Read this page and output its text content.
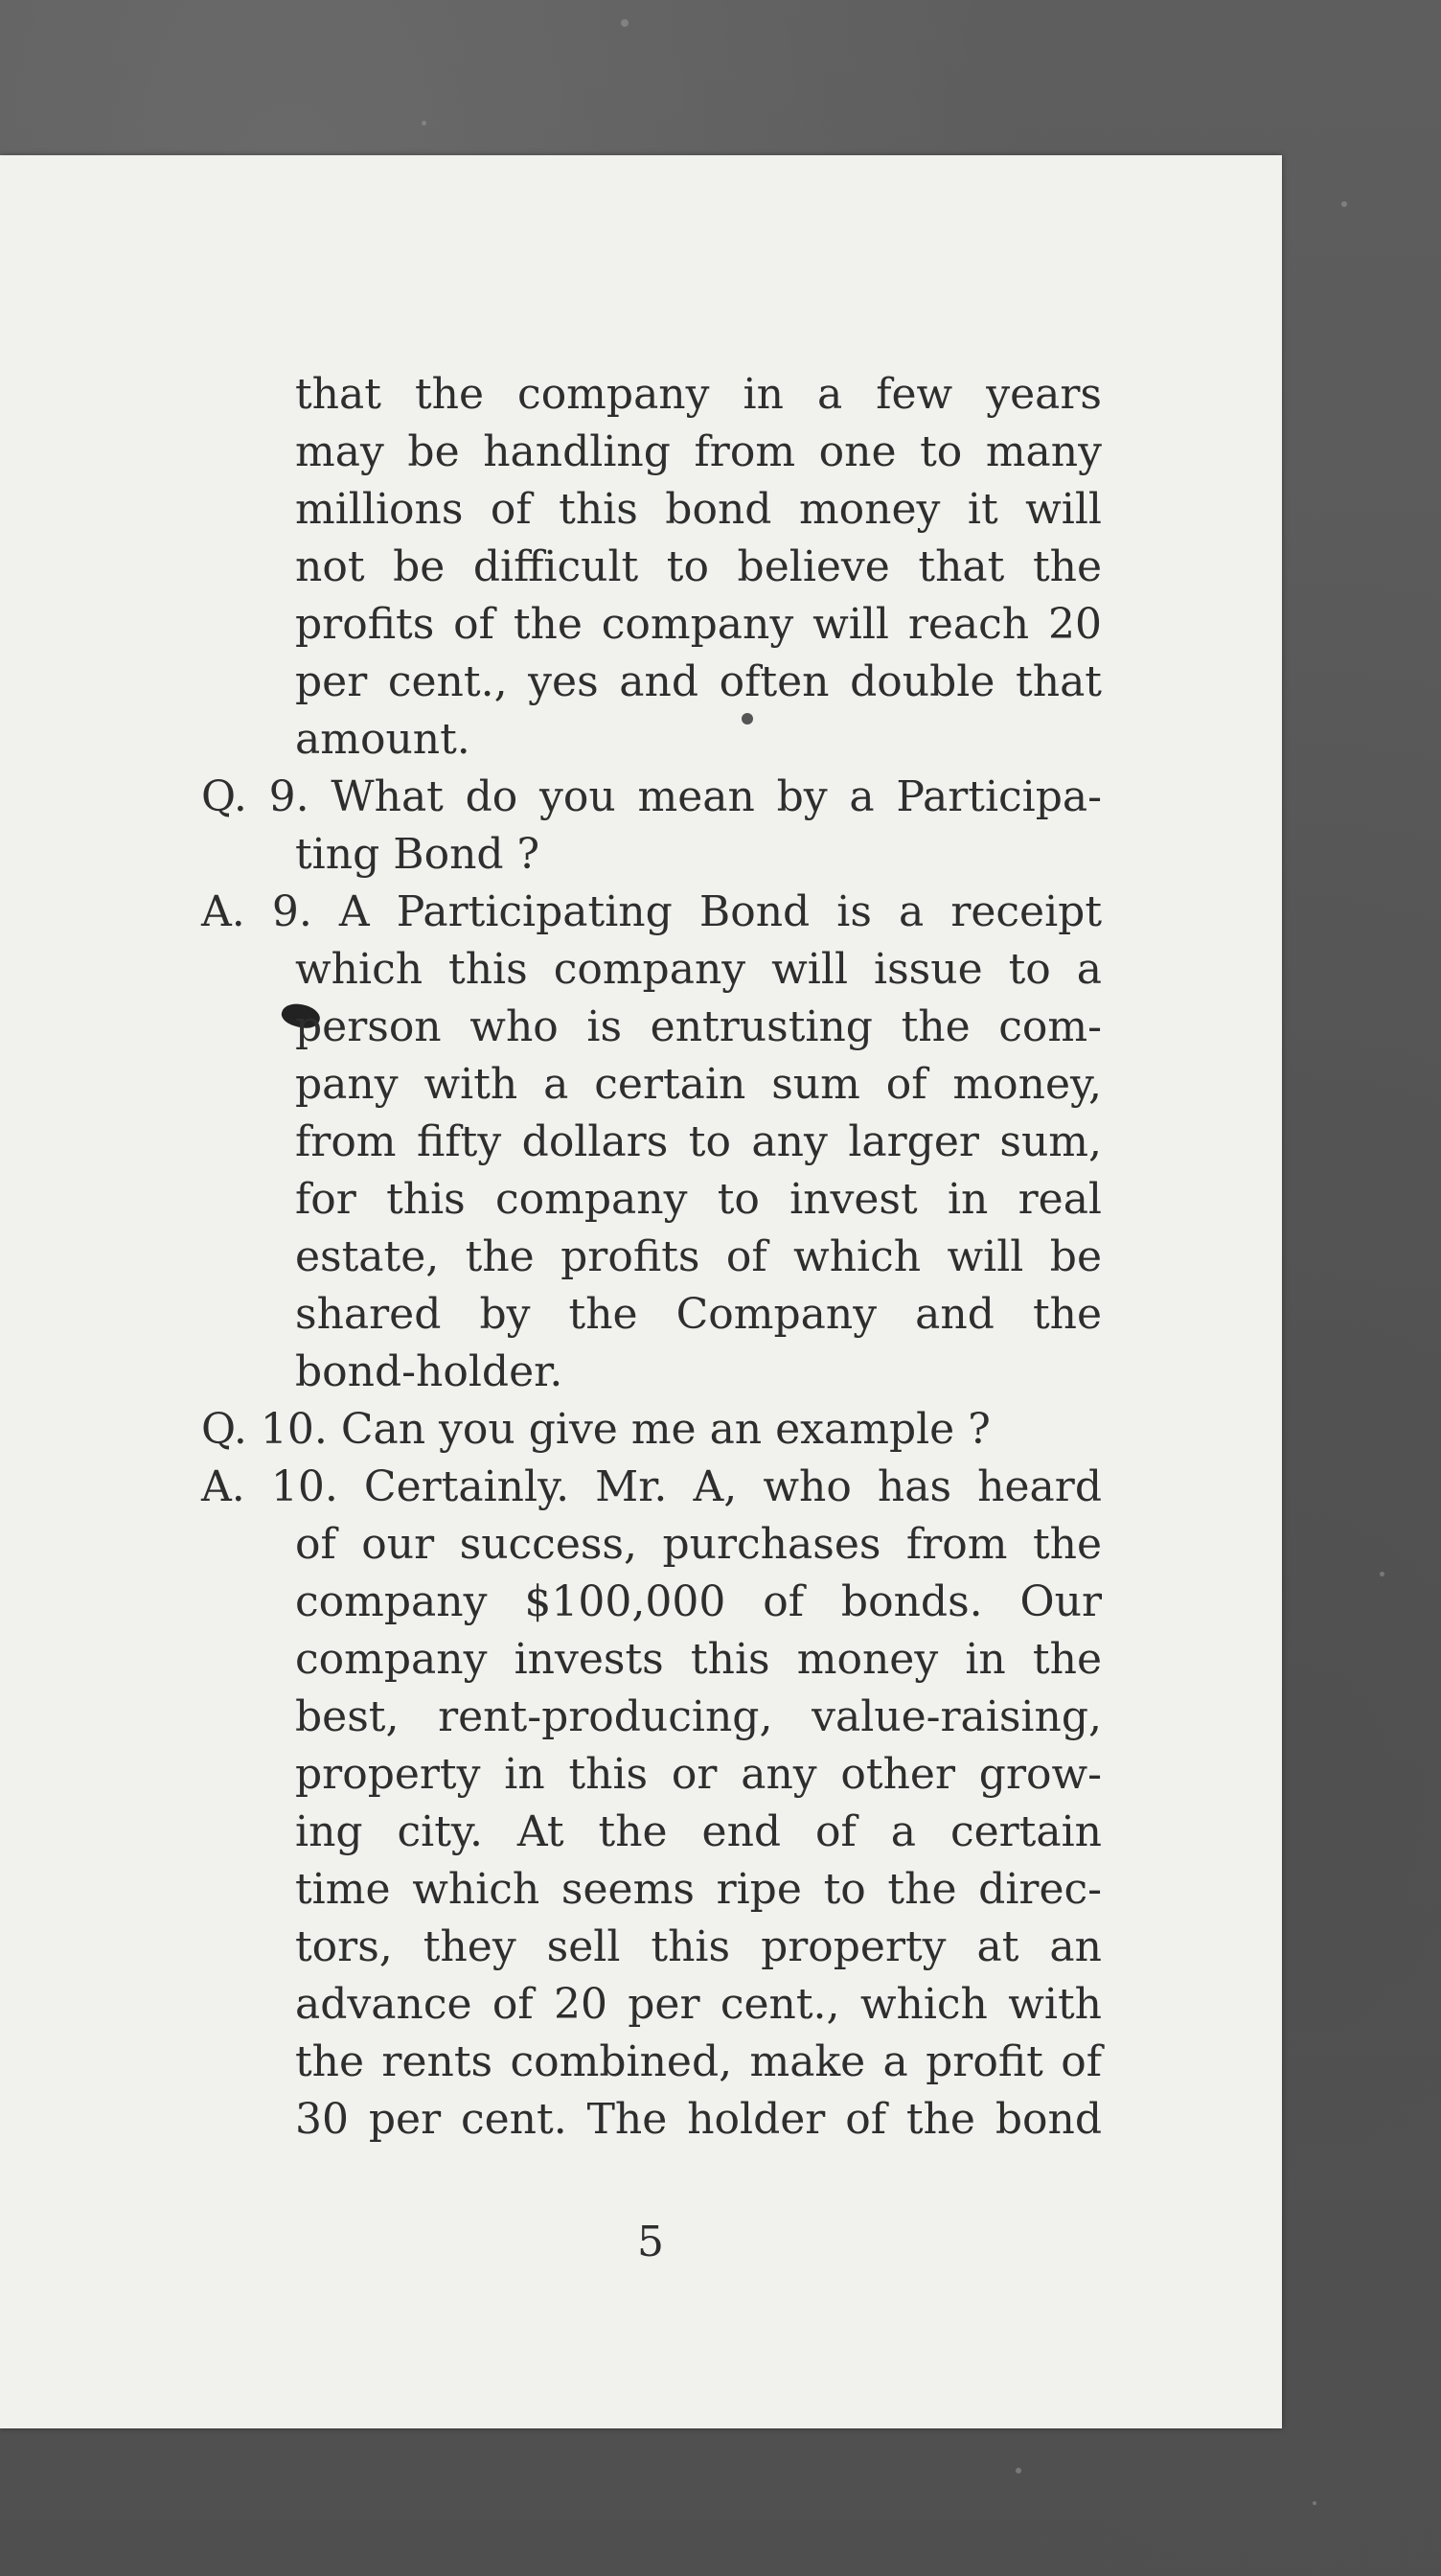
that the company in a few years
may be handling from one to many
millions of this bond money it will
not be difficult to believe that the
profits of the company will reach 20
per cent., yes and often double that
amount.
Q. 9. What do you mean by a Participa-
ting Bond ?
A. 9. A Participating Bond is a receipt
which this company will issue to a
person who is entrusting the com-
pany with a certain sum of money,
from fifty dollars to any larger sum,
for this company to invest in real
estate, the profits of which will be
shared by the Company and the
bond-holder.
Q. 10. Can you give me an example ?
A. 10. Certainly. Mr. A, who has heard
of our success, purchases from the
company $100,000 of bonds. Our
company invests this money in the
best, rent-producing, value-raising,
property in this or any other grow-
ing city. At the end of a certain
time which seems ripe to the direc-
tors, they sell this property at an
advance of 20 per cent., which with
the rents combined, make a profit of
30 per cent. The holder of the bond
5
